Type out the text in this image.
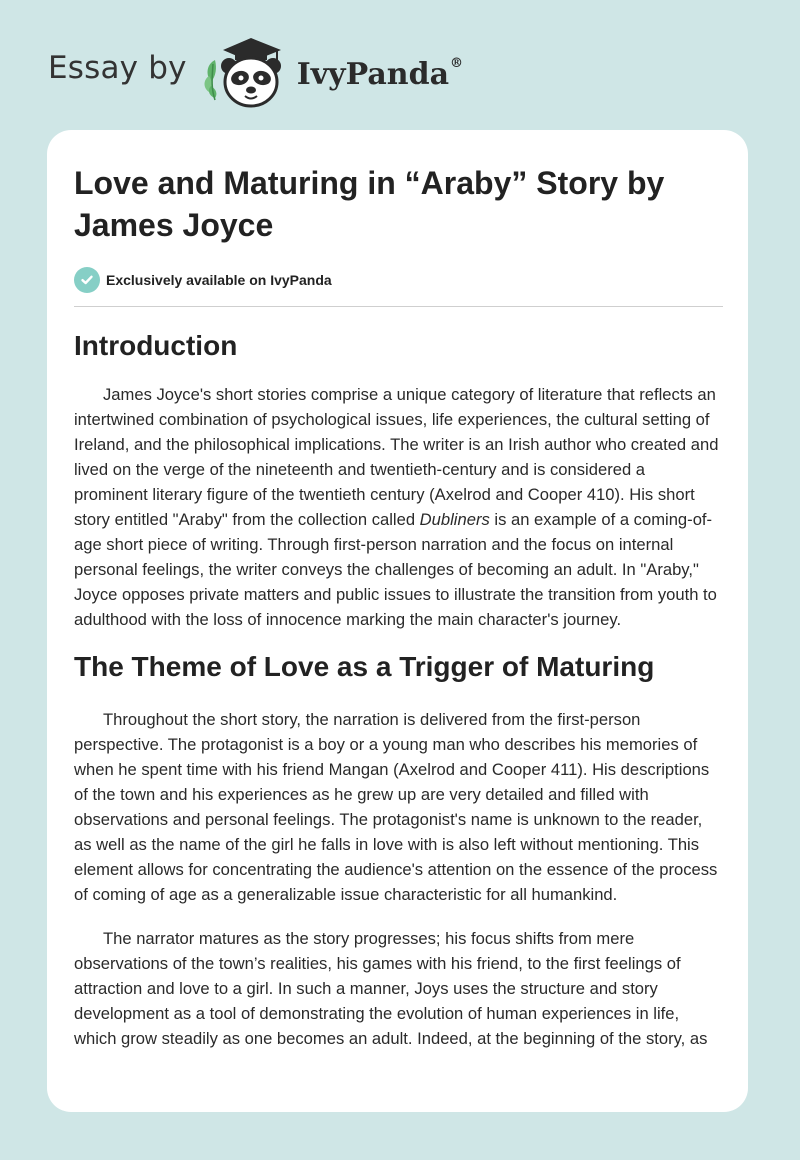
Essay by	IvyPanda®
Love and Maturing in “Araby” Story by James Joyce
Exclusively available on IvyPanda
Introduction

James Joyce's short stories comprise a unique category of literature that reflects an intertwined combination of psychological issues, life experiences, the cultural setting of Ireland, and the philosophical implications. The writer is an Irish author who created and lived on the verge of the nineteenth and twentieth-century and is considered a prominent literary figure of the twentieth century (Axelrod and Cooper 410). His short story entitled "Araby" from the collection called Dubliners is an example of a coming-of-age short piece of writing. Through first-person narration and the focus on internal personal feelings, the writer conveys the challenges of becoming an adult. In "Araby," Joyce opposes private matters and public issues to illustrate the transition from youth to adulthood with the loss of innocence marking the main character's journey.

The Theme of Love as a Trigger of Maturing

Throughout the short story, the narration is delivered from the first-person perspective. The protagonist is a boy or a young man who describes his memories of when he spent time with his friend Mangan (Axelrod and Cooper 411). His descriptions of the town and his experiences as he grew up are very detailed and filled with observations and personal feelings. The protagonist's name is unknown to the reader, as well as the name of the girl he falls in love with is also left without mentioning. This element allows for concentrating the audience's attention on the essence of the process of coming of age as a generalizable issue characteristic for all humankind.

The narrator matures as the story progresses; his focus shifts from mere observations of the town’s realities, his games with his friend, to the first feelings of attraction and love to a girl. In such a manner, Joys uses the structure and story development as a tool of demonstrating the evolution of human experiences in life, which grow steadily as one becomes an adult. Indeed, at the beginning of the story, as
